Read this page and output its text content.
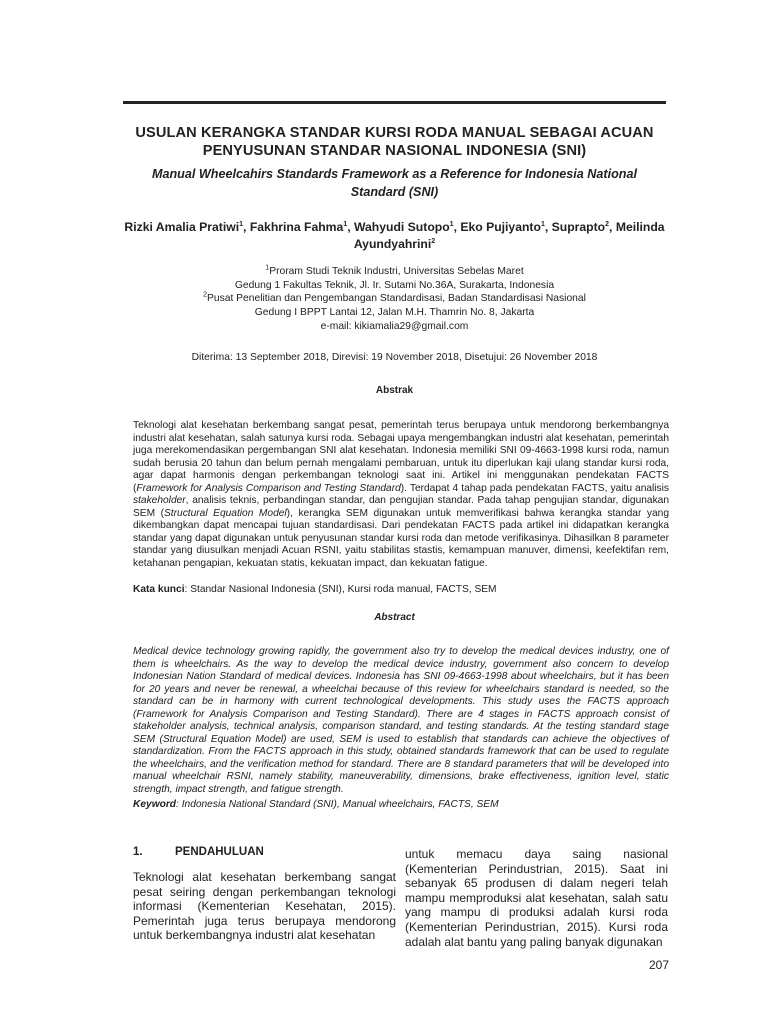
USULAN KERANGKA STANDAR KURSI RODA MANUAL SEBAGAI ACUAN
PENYUSUNAN STANDAR NASIONAL INDONESIA (SNI)
Manual Wheelcahirs Standards Framework as a Reference for Indonesia National
Standard (SNI)
Rizki Amalia Pratiwi$^1$, Fakhrina Fahma$^1$, Wahyudi Sutopo$^1$, Eko Pujiyanto$^1$, Suprapto$^2$, Meilinda Ayundyahrini$^2$
$^1$Proram Studi Teknik Industri, Universitas Sebelas Maret
Gedung 1 Fakultas Teknik, Jl. Ir. Sutami No.36A, Surakarta, Indonesia
$^2$Pusat Penelitian dan Pengembangan Standardisasi, Badan Standardisasi Nasional
Gedung I BPPT Lantai 12, Jalan M.H. Thamrin No. 8, Jakarta
e-mail: kikiamalia29@gmail.com
Diterima: 13 September 2018, Direvisi: 19 November 2018, Disetujui: 26 November 2018
Abstrak

Teknologi alat kesehatan berkembang sangat pesat, pemerintah terus berupaya untuk mendorong berkembangnya industri alat kesehatan, salah satunya kursi roda. Sebagai upaya mengembangkan industri alat kesehatan, pemerintah juga merekomendasikan pergembangan SNI alat kesehatan. Indonesia memiliki SNI 09-4663-1998 kursi roda, namun sudah berusia 20 tahun dan belum pernah mengalami pembaruan, untuk itu diperlukan kaji ulang standar kursi roda, agar dapat harmonis dengan perkembangan teknologi saat ini. Artikel ini menggunakan pendekatan FACTS (Framework for Analysis Comparison and Testing Standard). Terdapat 4 tahap pada pendekatan FACTS, yaitu analisis stakeholder, analisis teknis, perbandingan standar, dan pengujian standar. Pada tahap pengujian standar, digunakan SEM (Structural Equation Model), kerangka SEM digunakan untuk memverifikasi bahwa kerangka standar yang dikembangkan dapat mencapai tujuan standardisasi. Dari pendekatan FACTS pada artikel ini didapatkan kerangka standar yang dapat digunakan untuk penyusunan standar kursi roda dan metode verifikasinya. Dihasilkan 8 parameter standar yang diusulkan menjadi Acuan RSNI, yaitu stabilitas stastis, kemampuan manuver, dimensi, keefektifan rem, ketahanan pengapian, kekuatan statis, kekuatan impact, dan kekuatan fatigue.

Kata kunci: Standar Nasional Indonesia (SNI), Kursi roda manual, FACTS, SEM
Abstract

Medical device technology growing rapidly, the government also try to develop the medical devices industry, one of them is wheelchairs. As the way to develop the medical device industry, government also concern to develop Indonesian Nation Standard of medical devices. Indonesia has SNI 09-4663-1998 about wheelchairs, but it has been for 20 years and never be renewal, a wheelchai because of this review for wheelchairs standard is needed, so the standard can be in harmony with current technological developments. This study uses the FACTS approach (Framework for Analysis Comparison and Testing Standard). There are 4 stages in FACTS approach consist of stakeholder analysis, technical analysis, comparison standard, and testing standards. At the testing standard stage SEM (Structural Equation Model) are used, SEM is used to establish that standards can achieve the objectives of standardization. From the FACTS approach in this study, obtained standards framework that can be used to regulate the wheelchairs, and the verification method for standard. There are 8 standard parameters that will be developed into manual wheelchair RSNI, namely stability, maneuverability, dimensions, brake effectiveness, ignition level, static strength, impact strength, and fatigue strength.

Keyword: Indonesia National Standard (SNI), Manual wheelchairs, FACTS, SEM
1.	PENDAHULUAN
Teknologi alat kesehatan berkembang sangat pesat seiring dengan perkembangan teknologi informasi (Kementerian Kesehatan, 2015). Pemerintah juga terus berupaya mendorong untuk berkembangnya industri alat kesehatan
untuk memacu daya saing nasional (Kementerian Perindustrian, 2015). Saat ini sebanyak 65 produsen di dalam negeri telah mampu memproduksi alat kesehatan, salah satu yang mampu di produksi adalah kursi roda (Kementerian Perindustrian, 2015). Kursi roda adalah alat bantu yang paling banyak digunakan
207
